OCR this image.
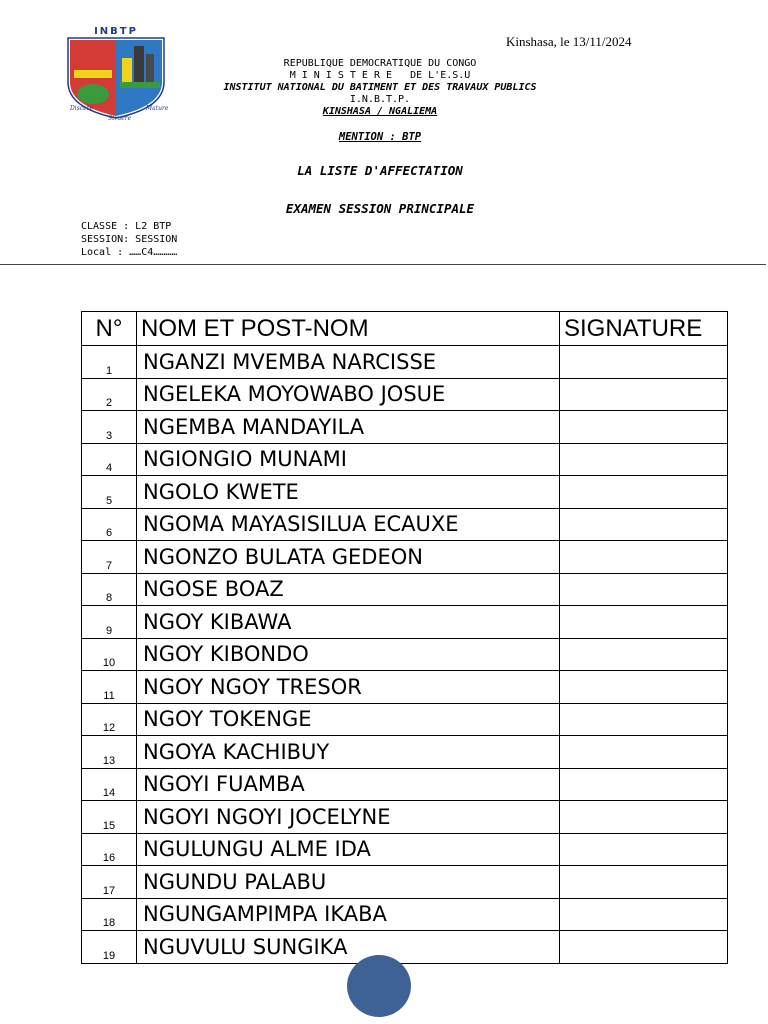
INBTP
Discere
Struere
Mature
Kinshasa, le 13/11/2024
REPUBLIQUE DEMOCRATIQUE DU CONGO
M I N I S T E R E   DE L'E.S.U
INSTITUT NATIONAL DU BATIMENT ET DES TRAVAUX PUBLICS
I.N.B.T.P.
KINSHASA / NGALIEMA
MENTION : BTP
LA LISTE D'AFFECTATION
EXAMEN SESSION PRINCIPALE
CLASSE : L2 BTP
SESSION: SESSION
Local : ……C4…………
N°	NOM ET POST-NOM	SIGNATURE
1	NGANZI MVEMBA NARCISSE	
2	NGELEKA MOYOWABO JOSUE	
3	NGEMBA MANDAYILA	
4	NGIONGIO MUNAMI	
5	NGOLO KWETE	
6	NGOMA MAYASISILUA ECAUXE	
7	NGONZO BULATA GEDEON	
8	NGOSE BOAZ	
9	NGOY KIBAWA	
10	NGOY KIBONDO	
11	NGOY NGOY TRESOR	
12	NGOY TOKENGE	
13	NGOYA KACHIBUY	
14	NGOYI FUAMBA	
15	NGOYI NGOYI JOCELYNE	
16	NGULUNGU ALME IDA	
17	NGUNDU PALABU	
18	NGUNGAMPIMPA IKABA	
19	NGUVULU SUNGIKA	
